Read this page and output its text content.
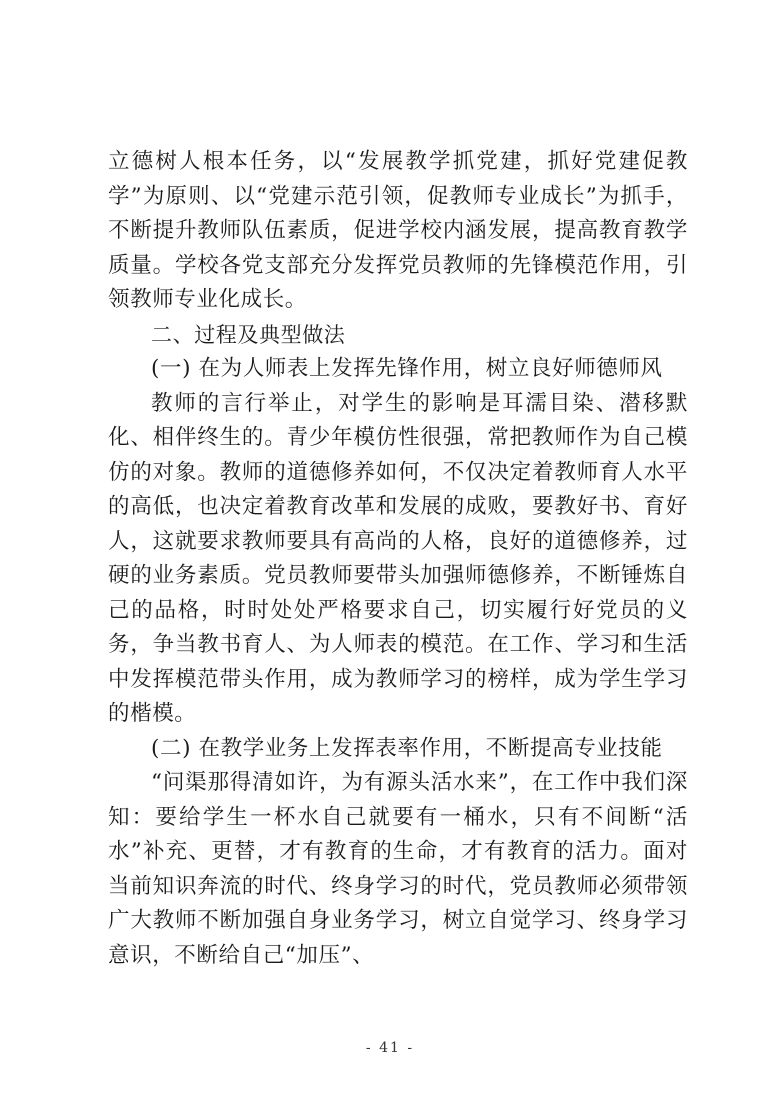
立德树人根本任务，以“发展教学抓党建，抓好党建促教学”为原则、以“党建示范引领，促教师专业成长”为抓手，不断提升教师队伍素质，促进学校内涵发展，提高教育教学质量。学校各党支部充分发挥党员教师的先锋模范作用，引领教师专业化成长。

二、过程及典型做法

(一) 在为人师表上发挥先锋作用，树立良好师德师风

教师的言行举止，对学生的影响是耳濡目染、潜移默化、相伴终生的。青少年模仿性很强，常把教师作为自己模仿的对象。教师的道德修养如何，不仅决定着教师育人水平的高低，也决定着教育改革和发展的成败，要教好书、育好人，这就要求教师要具有高尚的人格，良好的道德修养，过硬的业务素质。党员教师要带头加强师德修养，不断锤炼自己的品格，时时处处严格要求自己，切实履行好党员的义务，争当教书育人、为人师表的模范。在工作、学习和生活中发挥模范带头作用，成为教师学习的榜样，成为学生学习的楷模。

(二) 在教学业务上发挥表率作用，不断提高专业技能

“问渠那得清如许，为有源头活水来”，在工作中我们深知：要给学生一杯水自己就要有一桶水，只有不间断“活水”补充、更替，才有教育的生命，才有教育的活力。面对当前知识奔流的时代、终身学习的时代，党员教师必须带领广大教师不断加强自身业务学习，树立自觉学习、终身学习意识，不断给自己“加压”、

- 41 -
